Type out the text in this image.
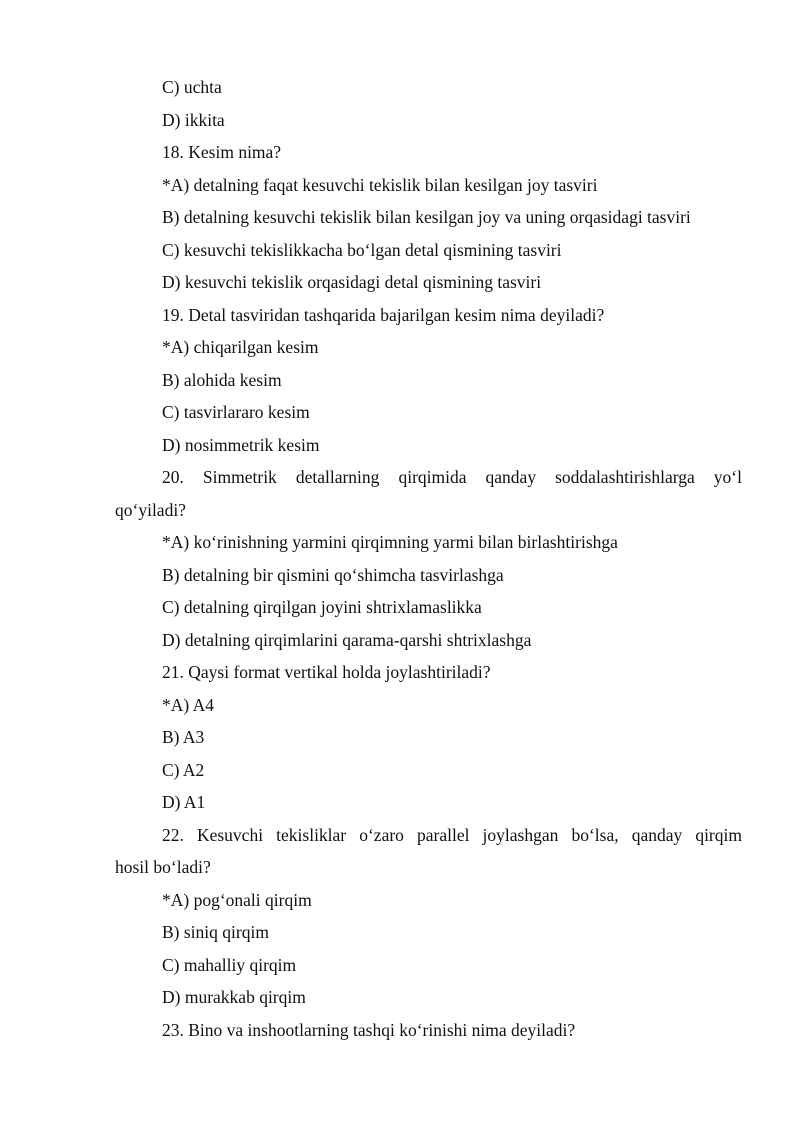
C) uchta
D) ikkita
18. Kesim nima?
*A) detalning faqat kesuvchi tekislik bilan kesilgan joy tasviri
B) detalning kesuvchi tekislik bilan kesilgan joy va uning orqasidagi tasviri
C) kesuvchi tekislikkacha bo‘lgan detal qismining tasviri
D) kesuvchi tekislik orqasidagi detal qismining tasviri
19. Detal tasviridan tashqarida bajarilgan kesim nima deyiladi?
*A) chiqarilgan kesim
B) alohida kesim
C) tasvirlararo kesim
D) nosimmetrik kesim
20. Simmetrik detallarning qirqimida qanday soddalashtirishlarga yo‘l
qo‘yiladi?
*A) ko‘rinishning yarmini qirqimning yarmi bilan birlashtirishga
B) detalning bir qismini qo‘shimcha tasvirlashga
C) detalning qirqilgan joyini shtrixlamaslikka
D) detalning qirqimlarini qarama-qarshi shtrixlashga
21. Qaysi format vertikal holda joylashtiriladi?
*A) A4
B) A3
C) A2
D) A1
22. Kesuvchi tekisliklar o‘zaro parallel joylashgan bo‘lsa, qanday qirqim
hosil bo‘ladi?
*A) pog‘onali qirqim
B) siniq qirqim
C) mahalliy qirqim
D) murakkab qirqim
23. Bino va inshootlarning tashqi ko‘rinishi nima deyiladi?
